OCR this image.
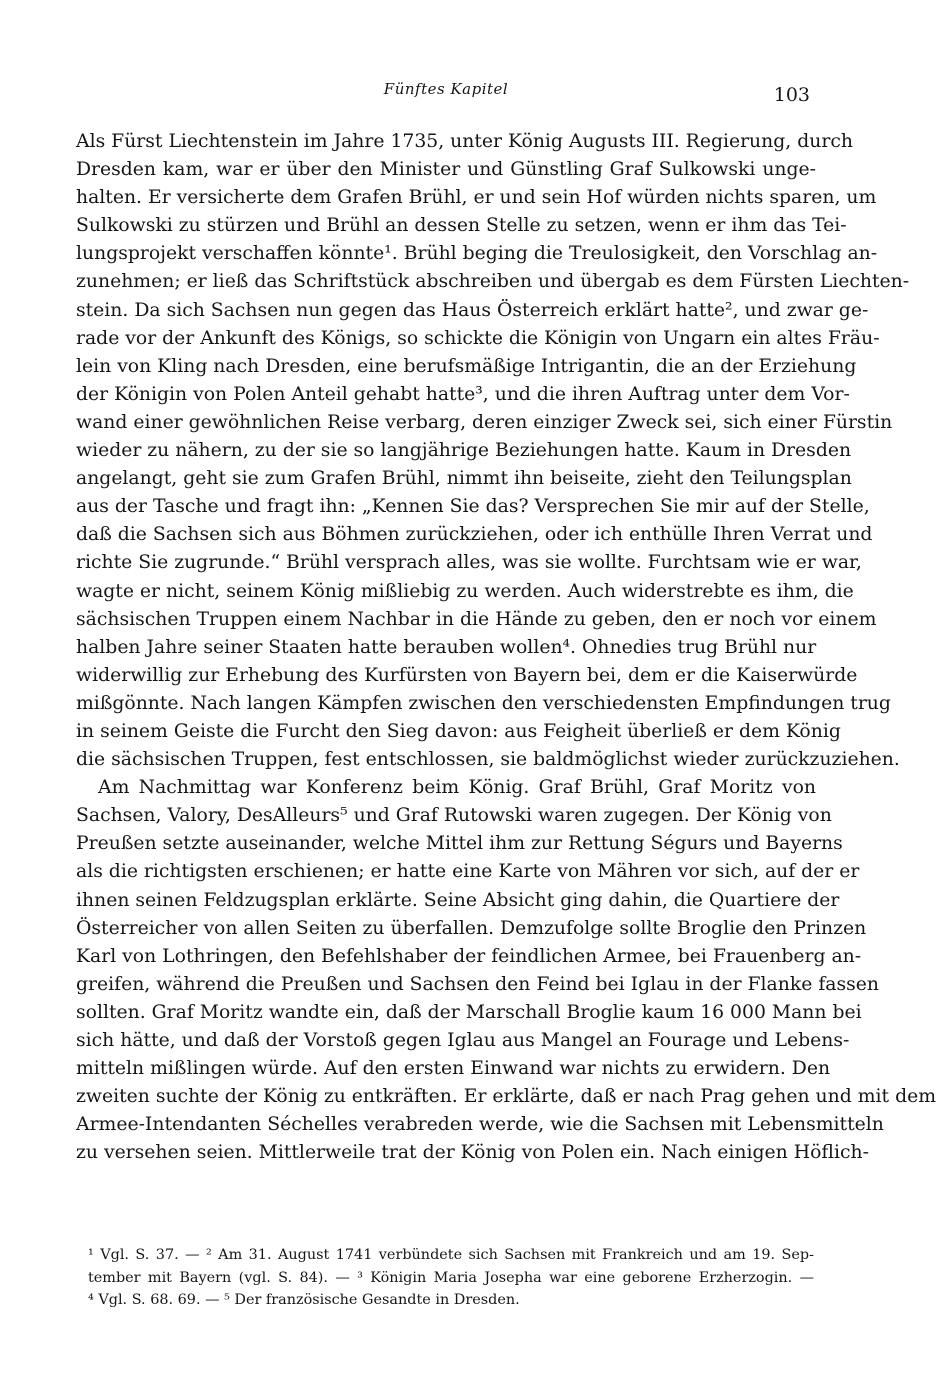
Fünftes Kapitel	103
Als Fürst Liechtenstein im Jahre 1735, unter König Augusts III. Regierung, durch
Dresden kam, war er über den Minister und Günstling Graf Sulkowski unge-
halten. Er versicherte dem Grafen Brühl, er und sein Hof würden nichts sparen, um
Sulkowski zu stürzen und Brühl an dessen Stelle zu setzen, wenn er ihm das Tei-
lungsprojekt verschaffen könnte¹. Brühl beging die Treulosigkeit, den Vorschlag an-
zunehmen; er ließ das Schriftstück abschreiben und übergab es dem Fürsten Liechten-
stein. Da sich Sachsen nun gegen das Haus Österreich erklärt hatte², und zwar ge-
rade vor der Ankunft des Königs, so schickte die Königin von Ungarn ein altes Fräu-
lein von Kling nach Dresden, eine berufsmäßige Intrigantin, die an der Erziehung
der Königin von Polen Anteil gehabt hatte³, und die ihren Auftrag unter dem Vor-
wand einer gewöhnlichen Reise verbarg, deren einziger Zweck sei, sich einer Fürstin
wieder zu nähern, zu der sie so langjährige Beziehungen hatte. Kaum in Dresden
angelangt, geht sie zum Grafen Brühl, nimmt ihn beiseite, zieht den Teilungsplan
aus der Tasche und fragt ihn: „Kennen Sie das? Versprechen Sie mir auf der Stelle,
daß die Sachsen sich aus Böhmen zurückziehen, oder ich enthülle Ihren Verrat und
richte Sie zugrunde.“ Brühl versprach alles, was sie wollte. Furchtsam wie er war,
wagte er nicht, seinem König mißliebig zu werden. Auch widerstrebte es ihm, die
sächsischen Truppen einem Nachbar in die Hände zu geben, den er noch vor einem
halben Jahre seiner Staaten hatte berauben wollen⁴. Ohnedies trug Brühl nur
widerwillig zur Erhebung des Kurfürsten von Bayern bei, dem er die Kaiserwürde
mißgönnte. Nach langen Kämpfen zwischen den verschiedensten Empfindungen trug
in seinem Geiste die Furcht den Sieg davon: aus Feigheit überließ er dem König
die sächsischen Truppen, fest entschlossen, sie baldmöglichst wieder zurückzuziehen.
Am Nachmittag war Konferenz beim König. Graf Brühl, Graf Moritz von
Sachsen, Valory, DesAlleurs⁵ und Graf Rutowski waren zugegen. Der König von
Preußen setzte auseinander, welche Mittel ihm zur Rettung Ségurs und Bayerns
als die richtigsten erschienen; er hatte eine Karte von Mähren vor sich, auf der er
ihnen seinen Feldzugsplan erklärte. Seine Absicht ging dahin, die Quartiere der
Österreicher von allen Seiten zu überfallen. Demzufolge sollte Broglie den Prinzen
Karl von Lothringen, den Befehlshaber der feindlichen Armee, bei Frauenberg an-
greifen, während die Preußen und Sachsen den Feind bei Iglau in der Flanke fassen
sollten. Graf Moritz wandte ein, daß der Marschall Broglie kaum 16 000 Mann bei
sich hätte, und daß der Vorstoß gegen Iglau aus Mangel an Fourage und Lebens-
mitteln mißlingen würde. Auf den ersten Einwand war nichts zu erwidern. Den
zweiten suchte der König zu entkräften. Er erklärte, daß er nach Prag gehen und mit dem
Armee-Intendanten Séchelles verabreden werde, wie die Sachsen mit Lebensmitteln
zu versehen seien. Mittlerweile trat der König von Polen ein. Nach einigen Höflich-
¹ Vgl. S. 37. — ² Am 31. August 1741 verbündete sich Sachsen mit Frankreich und am 19. Sep-
tember mit Bayern (vgl. S. 84). — ³ Königin Maria Josepha war eine geborene Erzherzogin. —
⁴ Vgl. S. 68. 69. — ⁵ Der französische Gesandte in Dresden.
